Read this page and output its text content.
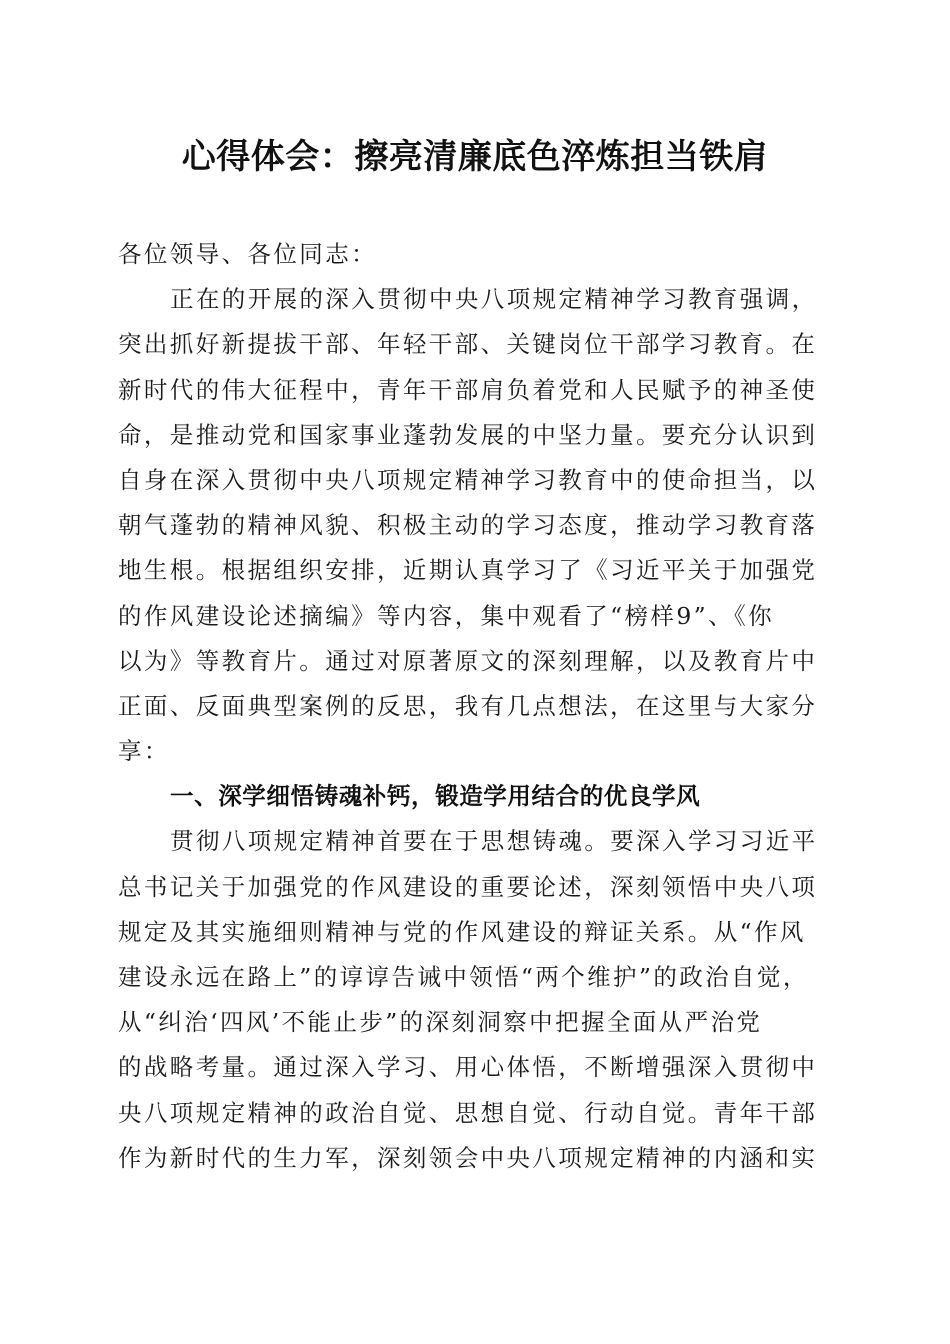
心得体会：擦亮清廉底色淬炼担当铁肩
各位领导、各位同志：
正在的开展的深入贯彻中央八项规定精神学习教育强调，
突出抓好新提拔干部、年轻干部、关键岗位干部学习教育。在
新时代的伟大征程中，青年干部肩负着党和人民赋予的神圣使
命，是推动党和国家事业蓬勃发展的中坚力量。要充分认识到
自身在深入贯彻中央八项规定精神学习教育中的使命担当，以
朝气蓬勃的精神风貌、积极主动的学习态度，推动学习教育落
地生根。根据组织安排，近期认真学习了《习近平关于加强党
的作风建设论述摘编》等内容，集中观看了“榜样9”、《你
以为》等教育片。通过对原著原文的深刻理解，以及教育片中
正面、反面典型案例的反思，我有几点想法，在这里与大家分
享：
一、深学细悟铸魂补钙，锻造学用结合的优良学风
贯彻八项规定精神首要在于思想铸魂。要深入学习习近平
总书记关于加强党的作风建设的重要论述，深刻领悟中央八项
规定及其实施细则精神与党的作风建设的辩证关系。从“作风
建设永远在路上”的谆谆告诫中领悟“两个维护”的政治自觉，
从“纠治‘四风’不能止步”的深刻洞察中把握全面从严治党
的战略考量。通过深入学习、用心体悟，不断增强深入贯彻中
央八项规定精神的政治自觉、思想自觉、行动自觉。青年干部
作为新时代的生力军，深刻领会中央八项规定精神的内涵和实
